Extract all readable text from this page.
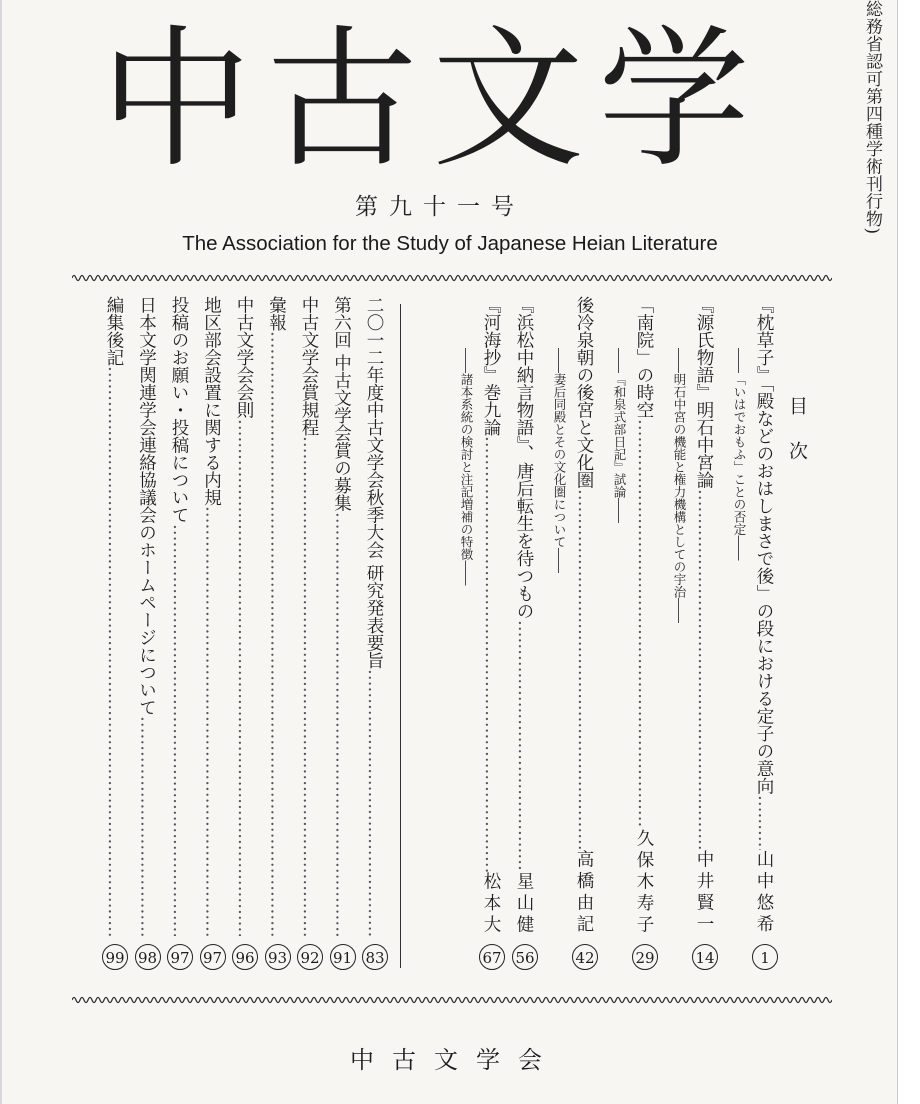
総務省認可第四種学術刊行物)
中 古 文 学
第九十一号
The Association for the Study of Japanese Heian Literature
目次
『枕草子』「殿などのおはしまさで後」の段における定子の意向
…………………………………………………………………………………………………………………………………………
山中悠希
――「いはでおもふ」ことの否定――
1
『源氏物語』明石中宮論
…………………………………………………………………………………………………………………………………………
中井賢一
――明石中宮の機能と権力機構としての宇治――
14
「南院」の時空
…………………………………………………………………………………………………………………………………………
久保木寿子
――『和泉式部日記』試論――
29
後冷泉朝の後宮と文化圏
…………………………………………………………………………………………………………………………………………
高橋由記
――妻后同殿とその文化圏について――
42
『浜松中納言物語』、唐后転生を待つもの
…………………………………………………………………………………………………………………………………………
星山健
56
『河海抄』巻九論
…………………………………………………………………………………………………………………………………………
松本大
――諸本系統の検討と注記増補の特徴――
67
二〇一二年度中古文学会秋季大会 研究発表要旨
…………………………………………………………………………………………………………………………………………
83
第六回 中古文学会賞の募集
…………………………………………………………………………………………………………………………………………
91
中古文学会賞規程
…………………………………………………………………………………………………………………………………………
92
彙報
…………………………………………………………………………………………………………………………………………
93
中古文学会会則
…………………………………………………………………………………………………………………………………………
96
地区部会設置に関する内規
…………………………………………………………………………………………………………………………………………
97
投稿のお願い・投稿について
…………………………………………………………………………………………………………………………………………
97
日本文学関連学会連絡協議会のホームページについて
…………………………………………………………………………………………………………………………………………
98
編集後記
…………………………………………………………………………………………………………………………………………
99
中古文学会
